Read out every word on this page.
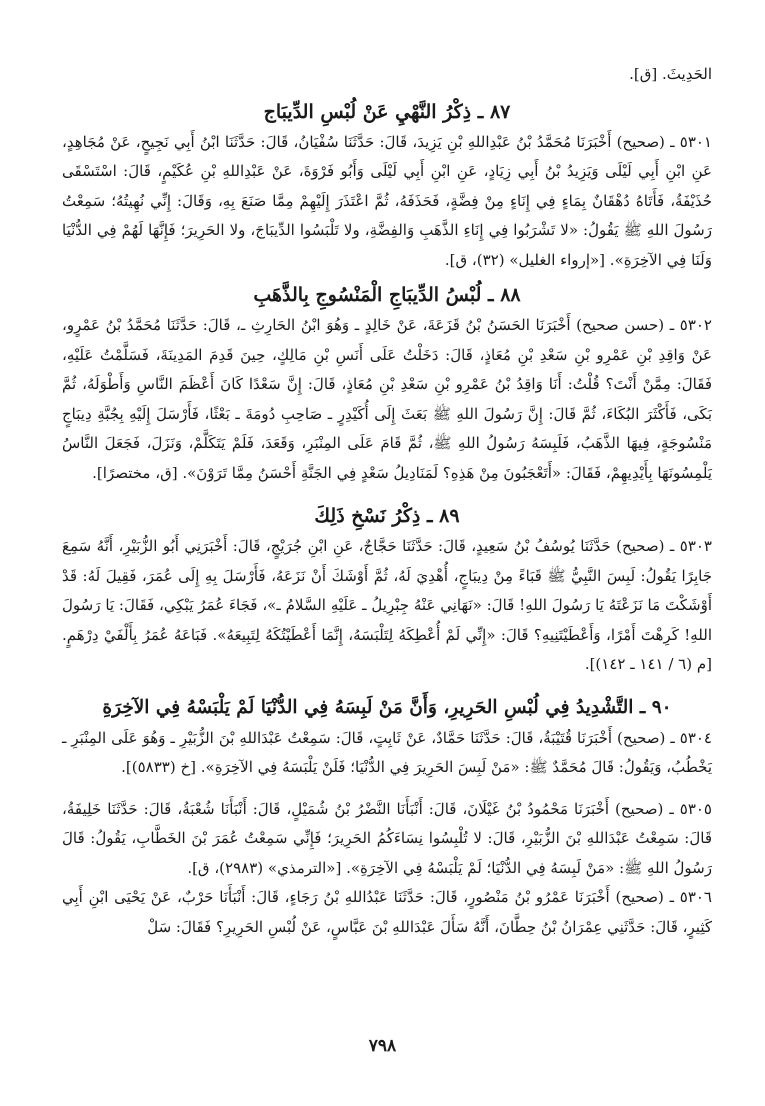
الحَدِيثَ. [ق].

٨٧ ـ ذِكْرُ النَّهْيِ عَنْ لُبْسِ الدِّيبَاج

٥٣٠١ ـ (صحيح) أَخْبَرَنَا مُحَمَّدُ بْنُ عَبْدِاللهِ بْنِ يَزِيدَ، قَالَ: حَدَّثَنَا سُفْيَانُ، قَالَ: حَدَّثَنَا ابْنُ أَبِي نَجِيحٍ، عَنْ مُجَاهِدٍ، عَنِ ابْنِ أَبِي لَيْلَى وَيَزِيدُ بْنُ أَبِي زِيَادٍ، عَنِ ابْنِ أَبِي لَيْلَى وَأَبُو فَرْوَةَ، عَنْ عَبْدِاللهِ بْنِ عُكَيْمٍ، قَالَ: اسْتَسْقَى حُذَيْفَةُ، فَأَتَاهُ دُهْقَانٌ بِمَاءٍ فِي إِنَاءٍ مِنْ فِضَّةٍ، فَحَذَفَهُ، ثُمَّ اعْتَذَرَ إِلَيْهِمْ مِمَّا صَنَعَ بِهِ، وَقَالَ: إِنِّي نُهِيتُهُ؛ سَمِعْتُ رَسُولَ اللهِ ﷺ يَقُولُ: «لا تَشْرَبُوا فِي إِنَاءِ الذَّهَبِ وَالفِضَّةِ، ولا تَلْبَسُوا الدِّيبَاجَ، ولا الحَرِيرَ؛ فَإِنَّهَا لَهُمْ فِي الدُّنْيَا وَلَنَا فِي الآخِرَةِ». [«إرواء الغليل» (٣٢)، ق].

٨٨ ـ لُبْسُ الدِّيبَاجِ الْمَنْسُوجِ بِالذَّهَبِ

٥٣٠٢ ـ (حسن صحيح) أَخْبَرَنَا الحَسَنُ بْنُ قَزَعَةَ، عَنْ خَالِدٍ ـ وَهُوَ ابْنُ الحَارِثِ ـ، قَالَ: حَدَّثَنَا مُحَمَّدُ بْنُ عَمْرٍو، عَنْ وَاقِدِ بْنِ عَمْرِو بْنِ سَعْدِ بْنِ مُعَاذٍ، قَالَ: دَخَلْتُ عَلَى أَنَسِ بْنِ مَالِكٍ، حِينَ قَدِمَ المَدِينَةَ، فَسَلَّمْتُ عَلَيْهِ، فَقَالَ: مِمَّنْ أَنْتَ؟ قُلْتُ: أَنَا وَاقِدُ بْنُ عَمْرِو بْنِ سَعْدِ بْنِ مُعَاذٍ، قَالَ: إِنَّ سَعْدًا كَانَ أَعْظَمَ النَّاسِ وَأَطْوَلَهُ، ثُمَّ بَكَى، فَأَكْثَرَ البُكَاءَ، ثُمَّ قَالَ: إِنَّ رَسُولَ اللهِ ﷺ بَعَثَ إِلَى أُكَيْدِرٍ ـ صَاحِبِ دُومَةَ ـ بَعْثًا، فَأَرْسَلَ إِلَيْهِ بِجُبَّةِ دِيبَاجٍ مَنْسُوجَةٍ، فِيهَا الذَّهَبُ، فَلَبِسَهُ رَسُولُ اللهِ ﷺ، ثُمَّ قَامَ عَلَى المِنْبَرِ، وَقَعَدَ، فَلَمْ يَتَكَلَّمْ، وَنَزَلَ، فَجَعَلَ النَّاسُ يَلْمِسُونَهَا بِأَيْدِيهِمْ، فَقَالَ: «أَتَعْجَبُونَ مِنْ هَذِهِ؟ لَمَنَادِيلُ سَعْدٍ فِي الجَنَّةِ أَحْسَنُ مِمَّا تَرَوْنَ». [ق، مختصرًا].

٨٩ ـ ذِكْرُ نَسْخِ ذَلِكَ

٥٣٠٣ ـ (صحيح) حَدَّثَنَا يُوسُفُ بْنُ سَعِيدٍ، قَالَ: حَدَّثَنَا حَجَّاجٌ، عَنِ ابْنِ جُرَيْجٍ، قَالَ: أَخْبَرَنِي أَبُو الزُّبَيْرِ، أَنَّهُ سَمِعَ جَابِرًا يَقُولُ: لَبِسَ النَّبِيُّ ﷺ قَبَاءً مِنْ دِيبَاجٍ، أُهْدِيَ لَهُ، ثُمَّ أَوْشَكَ أَنْ نَزَعَهُ، فَأَرْسَلَ بِهِ إِلَى عُمَرَ، فَقِيلَ لَهُ: قَدْ أَوْشَكْتَ مَا نَزَعْتَهُ يَا رَسُولَ اللهِ! قَالَ: «نَهَانِي عَنْهُ جِبْرِيلُ ـ عَلَيْهِ السَّلامُ ـ»، فَجَاءَ عُمَرُ يَبْكِي، فَقَالَ: يَا رَسُولَ اللهِ! كَرِهْتَ أَمْرًا، وَأَعْطَيْتَنِيهِ؟ قَالَ: «إِنِّي لَمْ أُعْطِكَهُ لِتَلْبَسَهُ، إِنَّمَا أَعْطَيْتُكَهُ لِتَبِيعَهُ». فَبَاعَهُ عُمَرُ بِأَلْفَيْ دِرْهَمٍ. [م (٦ / ١٤١ ـ ١٤٢)].

٩٠ ـ التَّشْدِيدُ فِي لُبْسِ الحَرِيرِ، وَأَنَّ مَنْ لَبِسَهُ فِي الدُّنْيَا لَمْ يَلْبَسْهُ فِي الآخِرَةِ

٥٣٠٤ ـ (صحيح) أَخْبَرَنَا قُتَيْبَةُ، قَالَ: حَدَّثَنَا حَمَّادٌ، عَنْ ثَابِتٍ، قَالَ: سَمِعْتُ عَبْدَاللهِ بْنَ الزُّبَيْرِ ـ وَهُوَ عَلَى المِنْبَرِ ـ يَخْطُبُ، وَيَقُولُ: قَالَ مُحَمَّدٌ ﷺ: «مَنْ لَبِسَ الحَرِيرَ فِي الدُّنْيَا؛ فَلَنْ يَلْبَسَهُ فِي الآخِرَةِ». [خ (٥٨٣٣)].

٥٣٠٥ ـ (صحيح) أَخْبَرَنَا مَحْمُودُ بْنُ غَيْلَانَ، قَالَ: أَنْبَأَنَا النَّضْرُ بْنُ شُمَيْلٍ، قَالَ: أَنْبَأَنَا شُعْبَةُ، قَالَ: حَدَّثَنَا خَلِيفَةُ، قَالَ: سَمِعْتُ عَبْدَاللهِ بْنَ الزُّبَيْرِ، قَالَ: لا تُلْبِسُوا نِسَاءَكُمُ الحَرِيرَ؛ فَإِنِّي سَمِعْتُ عُمَرَ بْنَ الخَطَّابِ، يَقُولُ: قَالَ رَسُولُ اللهِ ﷺ: «مَنْ لَبِسَهُ فِي الدُّنْيَا؛ لَمْ يَلْبَسْهُ فِي الآخِرَةِ». [«الترمذي» (٢٩٨٣)، ق].

٥٣٠٦ ـ (صحيح) أَخْبَرَنَا عَمْرُو بْنُ مَنْصُورٍ، قَالَ: حَدَّثَنَا عَبْدُاللهِ بْنُ رَجَاءٍ، قَالَ: أَنْبَأَنَا حَرْبٌ، عَنْ يَحْيَى ابْنِ أَبِي كَثِيرٍ، قَالَ: حَدَّثَنِي عِمْرَانُ بْنُ حِطَّانَ، أَنَّهُ سَأَلَ عَبْدَاللهِ بْنَ عَبَّاسٍ، عَنْ لُبْسِ الحَرِيرِ؟ فَقَالَ: سَلْ

٧٩٨
